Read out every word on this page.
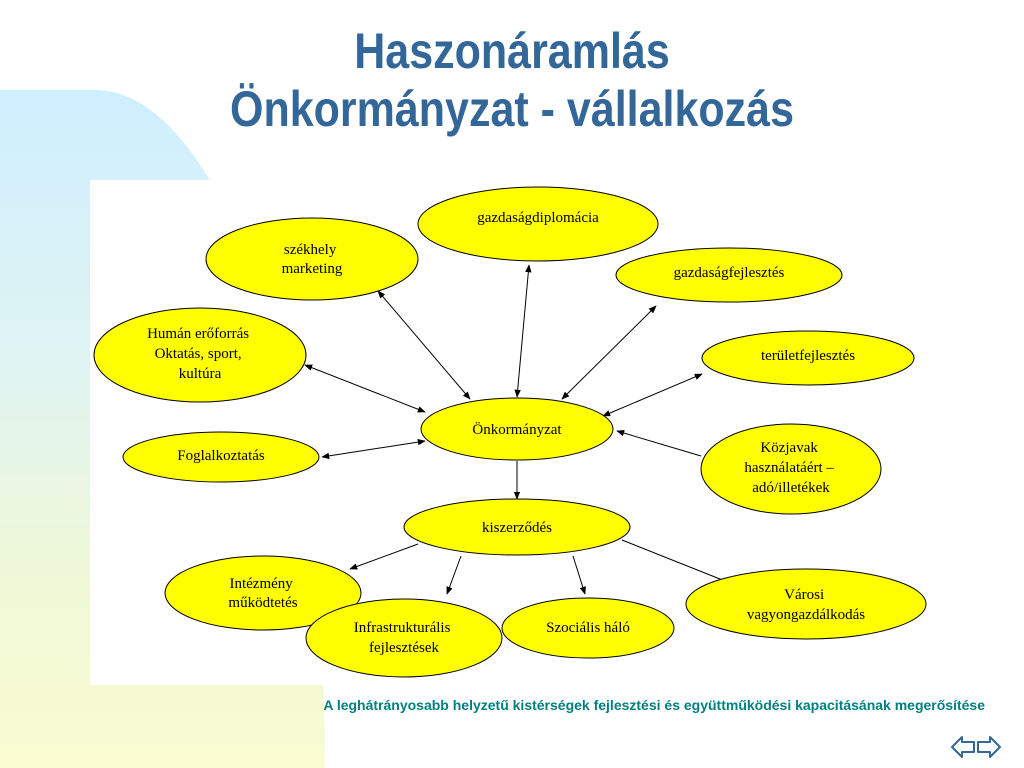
Haszonáramlás
Önkormányzat - vállalkozás
Önkormányzat
kiszerződés
gazdaságdiplomácia
székhely marketing	gazdaságfejlesztés
Humán erőforrás Oktatás, sport, kultúra
területfejlesztés
Foglalkoztatás	Közjavak használatáért – adó/illetékek
Intézmény működtetés
Infrastrukturális fejlesztések
Szociális háló
Városi vagyongazdálkodás
A leghátrányosabb helyzetű kistérségek fejlesztési és együttműködési kapacitásának megerősítése
